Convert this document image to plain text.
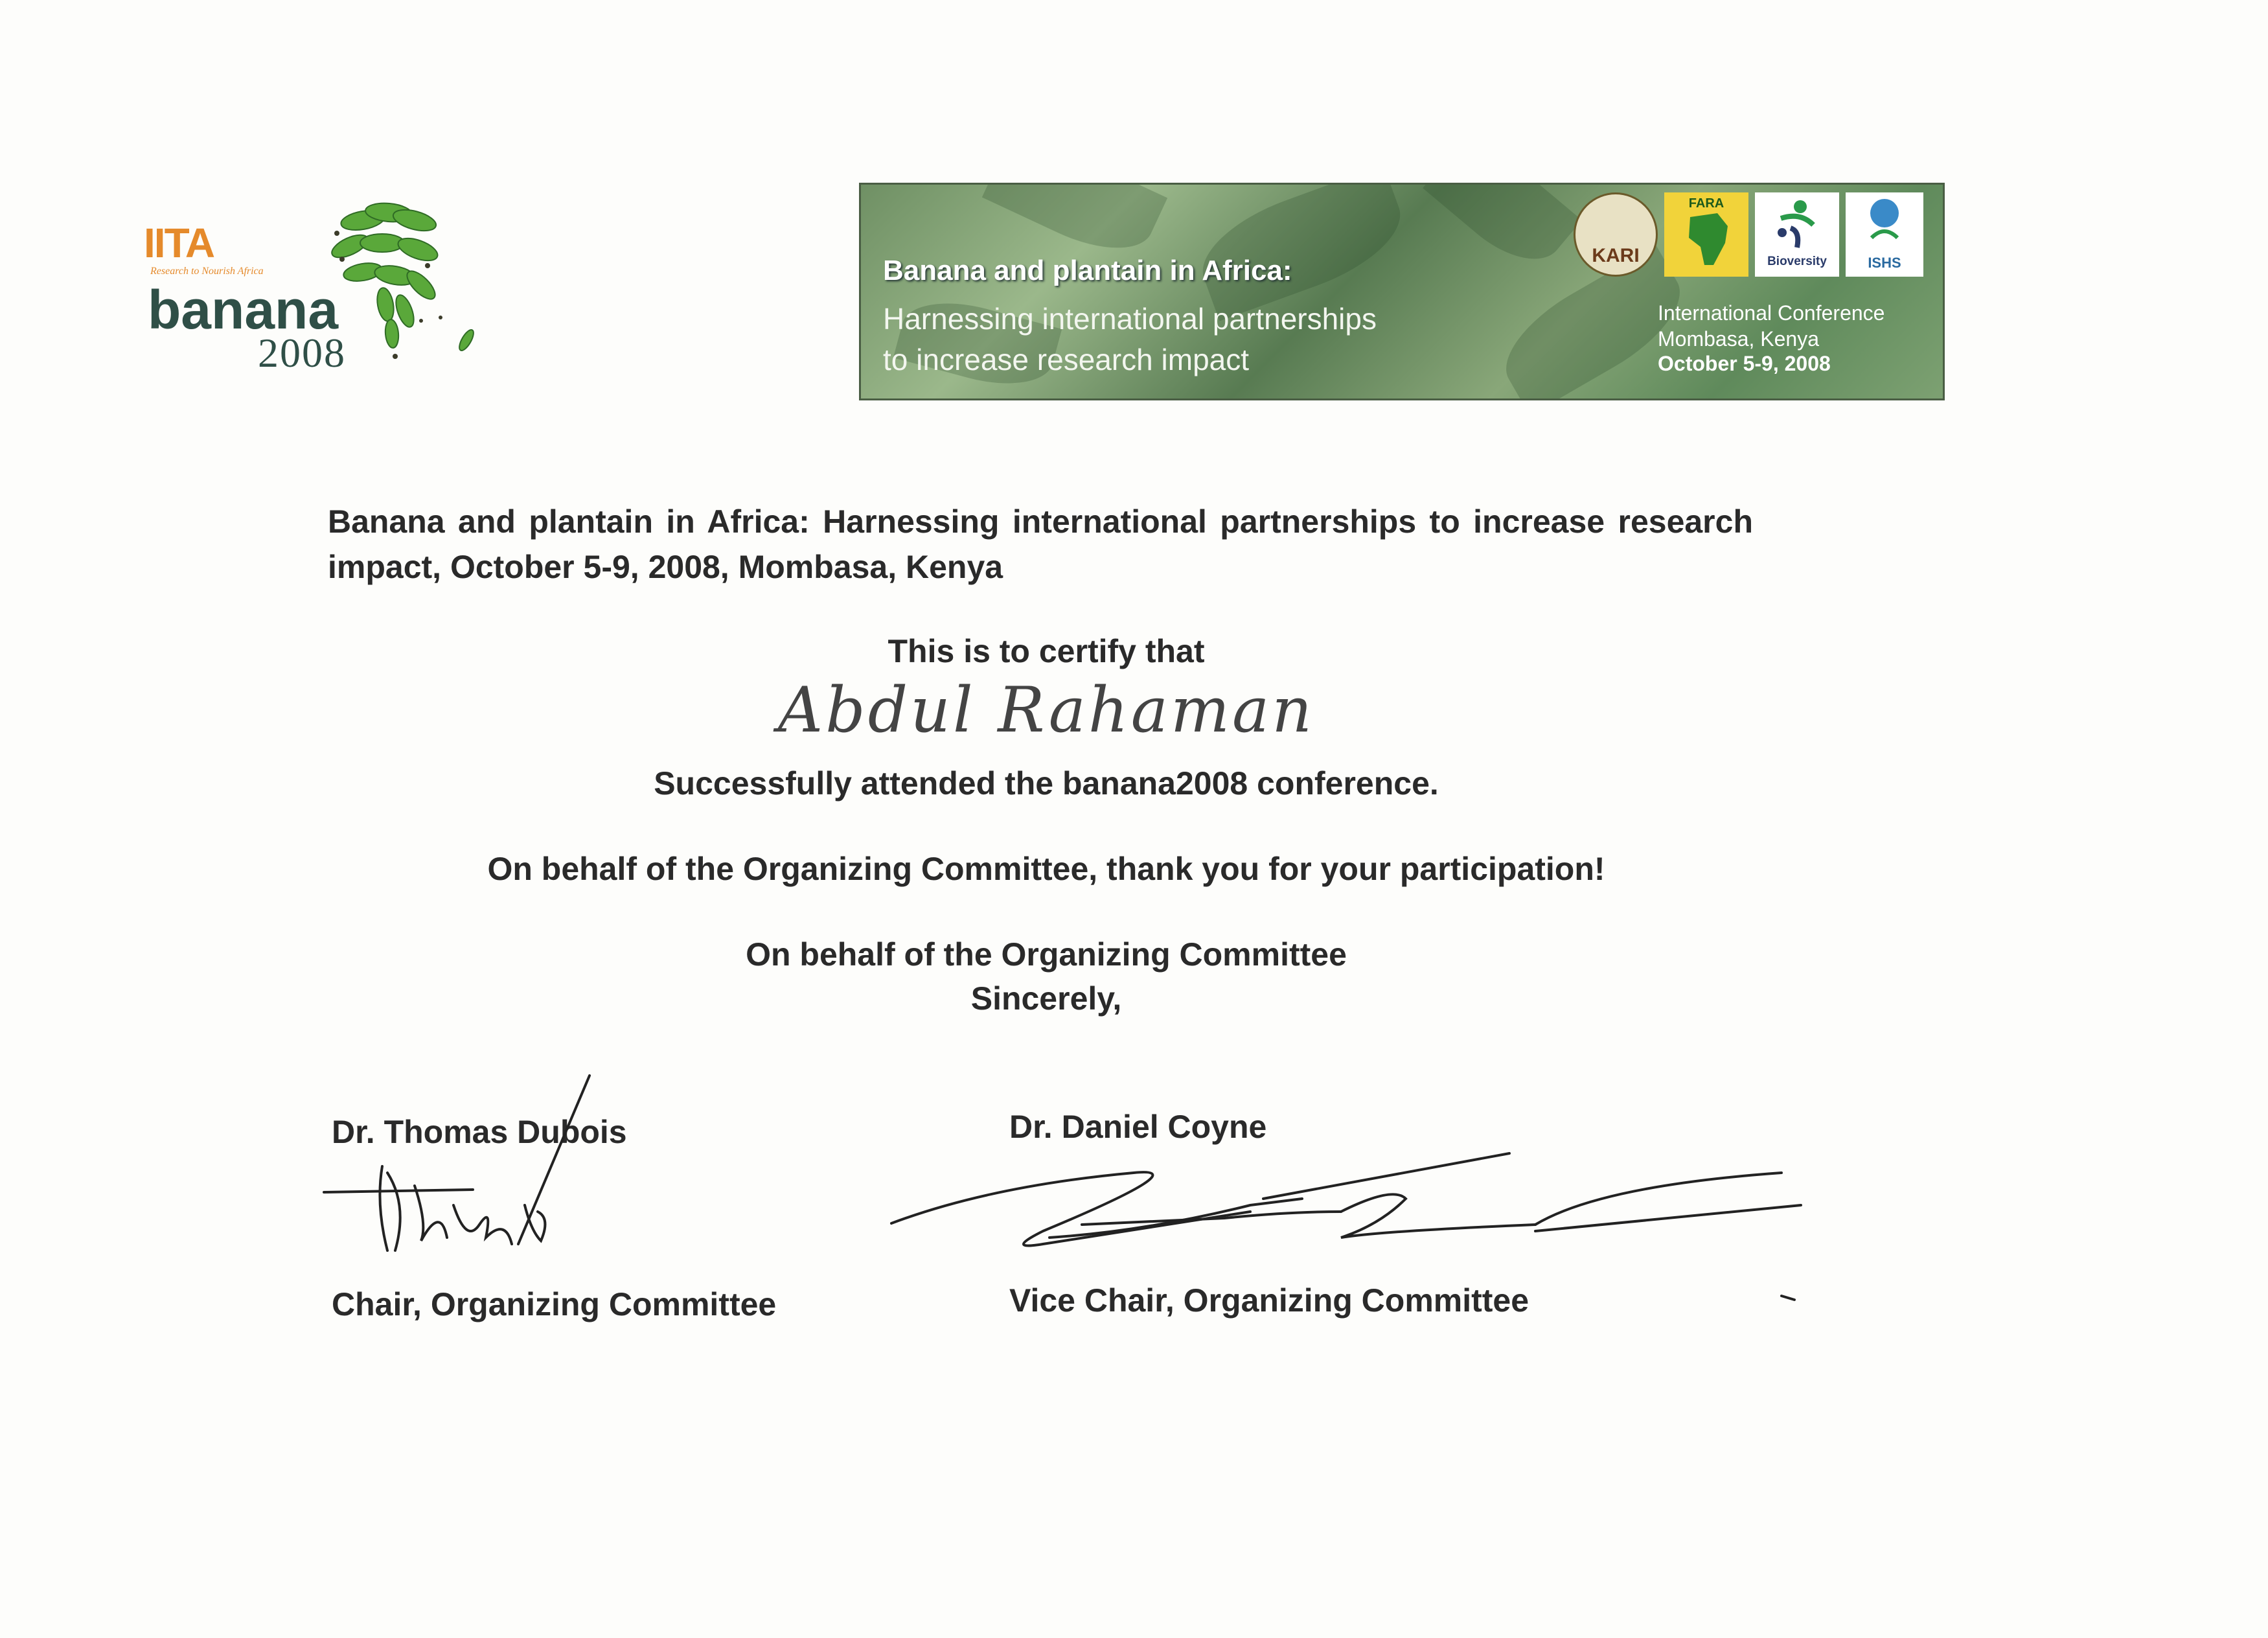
IITA
Research to Nourish Africa
banana
2008
Banana and plantain in Africa:
Harnessing international partnerships
to increase research impact
International Conference
Mombasa, Kenya
October 5-9, 2008
KARI
FARA
Bioversity	ISHS
Banana and plantain in Africa: Harnessing international partnerships to increase research impact, October 5-9, 2008, Mombasa, Kenya
This is to certify that
Abdul Rahaman
Successfully attended the banana2008 conference.
On behalf of the Organizing Committee, thank you for your participation!
On behalf of the Organizing Committee
Sincerely,
Dr. Thomas Dubois
Chair, Organizing Committee
Dr. Daniel Coyne
Vice Chair, Organizing Committee
